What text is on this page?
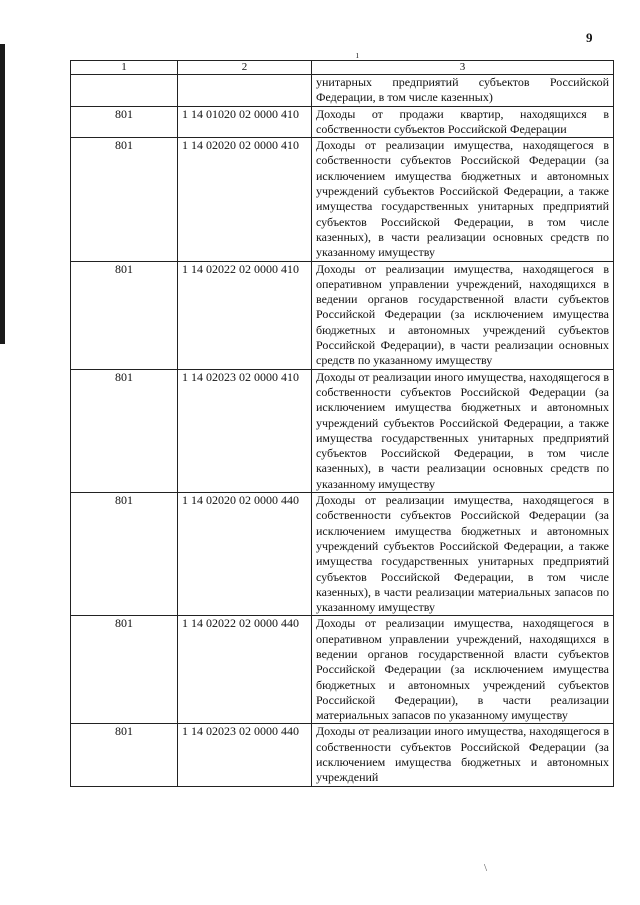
9
ı
1	2	3
		унитарных предприятий субъектов Российской Федерации, в том числе казенных)
801	1 14 01020 02 0000 410	Доходы от продажи квартир, находящихся в собственности субъектов Российской Федерации
801	1 14 02020 02 0000 410	Доходы от реализации имущества, находящегося в собственности субъектов Российской Федерации (за исключением имущества бюджетных и автономных учреждений субъектов Российской Федерации, а также имущества государственных унитарных предприятий субъектов Российской Федерации, в том числе казенных), в части реализации основных средств по указанному имуществу
801	1 14 02022 02 0000 410	Доходы от реализации имущества, находящегося в оперативном управлении учреждений, находящихся в ведении органов государственной власти субъектов Российской Федерации (за исключением имущества бюджетных и автономных учреждений субъектов Российской Федерации), в части реализации основных средств по указанному имуществу
801	1 14 02023 02 0000 410	Доходы от реализации иного имущества, находящегося в собственности субъектов Российской Федерации (за исключением имущества бюджетных и автономных учреждений субъектов Российской Федерации, а также имущества государственных унитарных предприятий субъектов Российской Федерации, в том числе казенных), в части реализации основных средств по указанному имуществу
801	1 14 02020 02 0000 440	Доходы от реализации имущества, находящегося в собственности субъектов Российской Федерации (за исключением имущества бюджетных и автономных учреждений субъектов Российской Федерации, а также имущества государственных унитарных предприятий субъектов Российской Федерации, в том числе казенных), в части реализации материальных запасов по указанному имуществу
801	1 14 02022 02 0000 440	Доходы от реализации имущества, находящегося в оперативном управлении учреждений, находящихся в ведении органов государственной власти субъектов Российской Федерации (за исключением имущества бюджетных и автономных учреждений субъектов Российской Федерации), в части реализации материальных запасов по указанному имуществу
801	1 14 02023 02 0000 440	Доходы от реализации иного имущества, находящегося в собственности субъектов Российской Федерации (за исключением имущества бюджетных и автономных учреждений
\
